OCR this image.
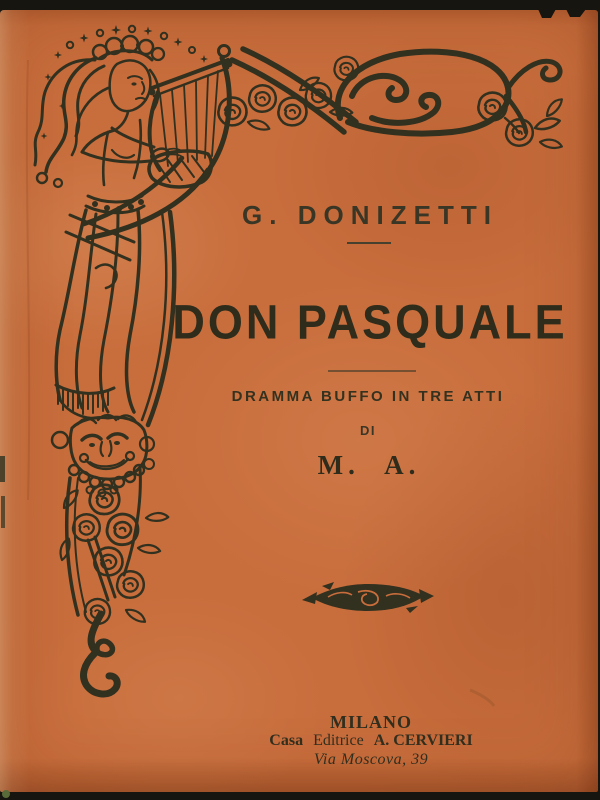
G. DONIZETTI
DON PASQUALE
DRAMMA BUFFO IN TRE ATTI
DI
M. A.
MILANO
Casa Editrice A. CERVIERI
Via Moscova, 39
